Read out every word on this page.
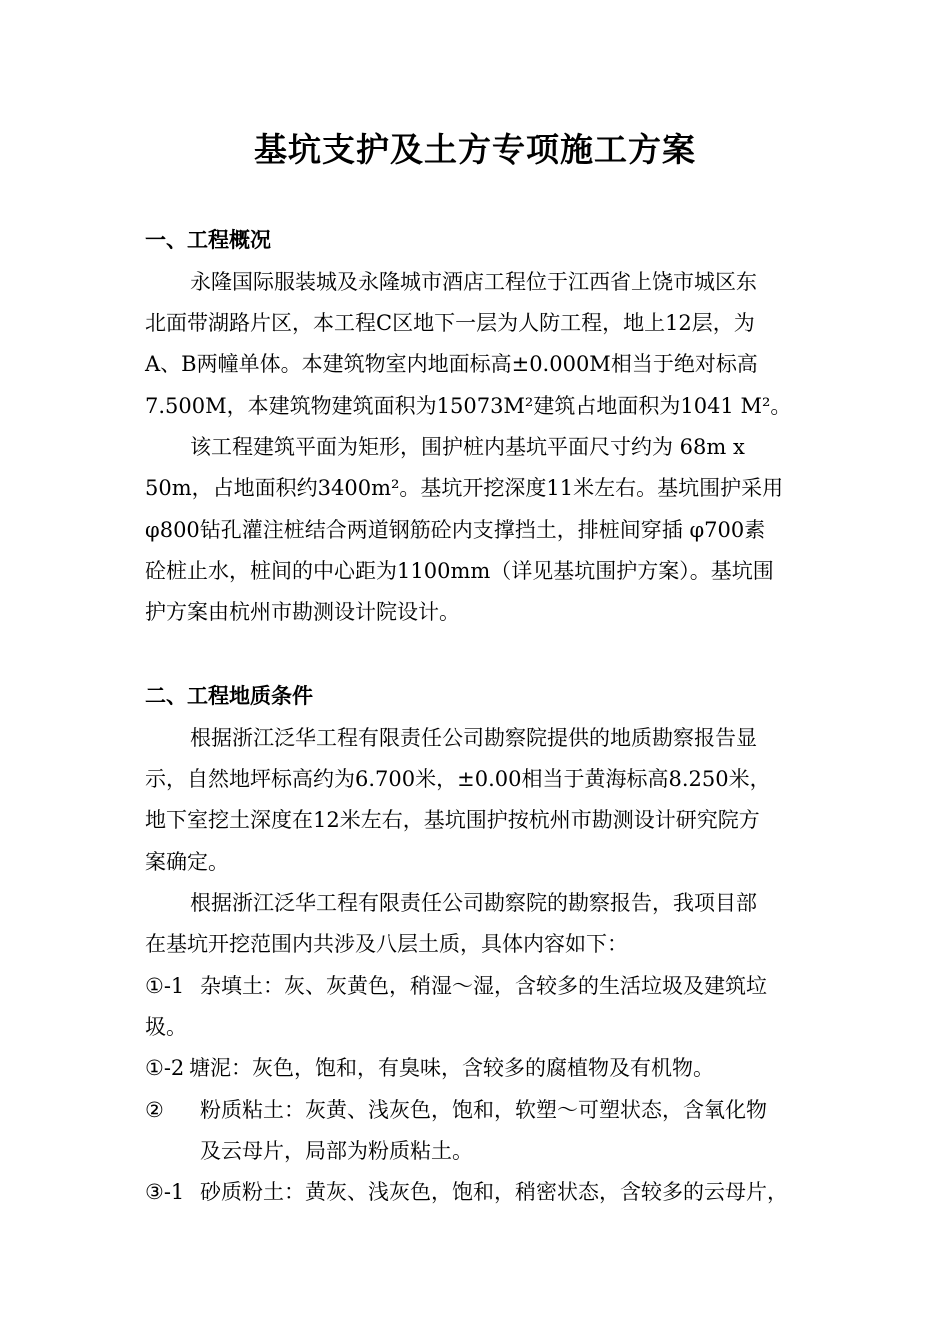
基坑支护及土方专项施工方案
一、工程概况
永隆国际服装城及永隆城市酒店工程位于江西省上饶市城区东
北面带湖路片区，本工程C区地下一层为人防工程，地上12层，为
A、B两幢单体。本建筑物室内地面标高±0.000M相当于绝对标高
7.500M，本建筑物建筑面积为15073M²建筑占地面积为1041 M²。
该工程建筑平面为矩形，围护桩内基坑平面尺寸约为 68m x
50m，占地面积约3400m²。基坑开挖深度11米左右。基坑围护采用
φ800钻孔灌注桩结合两道钢筋砼内支撑挡土，排桩间穿插 φ700素
砼桩止水，桩间的中心距为1100mm（详见基坑围护方案）。基坑围
护方案由杭州市勘测设计院设计。
二、工程地质条件
根据浙江泛华工程有限责任公司勘察院提供的地质勘察报告显
示，自然地坪标高约为6.700米，±0.00相当于黄海标高8.250米，
地下室挖土深度在12米左右，基坑围护按杭州市勘测设计研究院方
案确定。
根据浙江泛华工程有限责任公司勘察院的勘察报告，我项目部
在基坑开挖范围内共涉及八层土质，具体内容如下：
①-1 杂填土：灰、灰黄色，稍湿～湿，含较多的生活垃圾及建筑垃
圾。
①-2 塘泥：灰色，饱和，有臭味，含较多的腐植物及有机物。
② 粉质粘土：灰黄、浅灰色，饱和，软塑～可塑状态，含氧化物
及云母片，局部为粉质粘土。
③-1 砂质粉土：黄灰、浅灰色，饱和，稍密状态，含较多的云母片，
